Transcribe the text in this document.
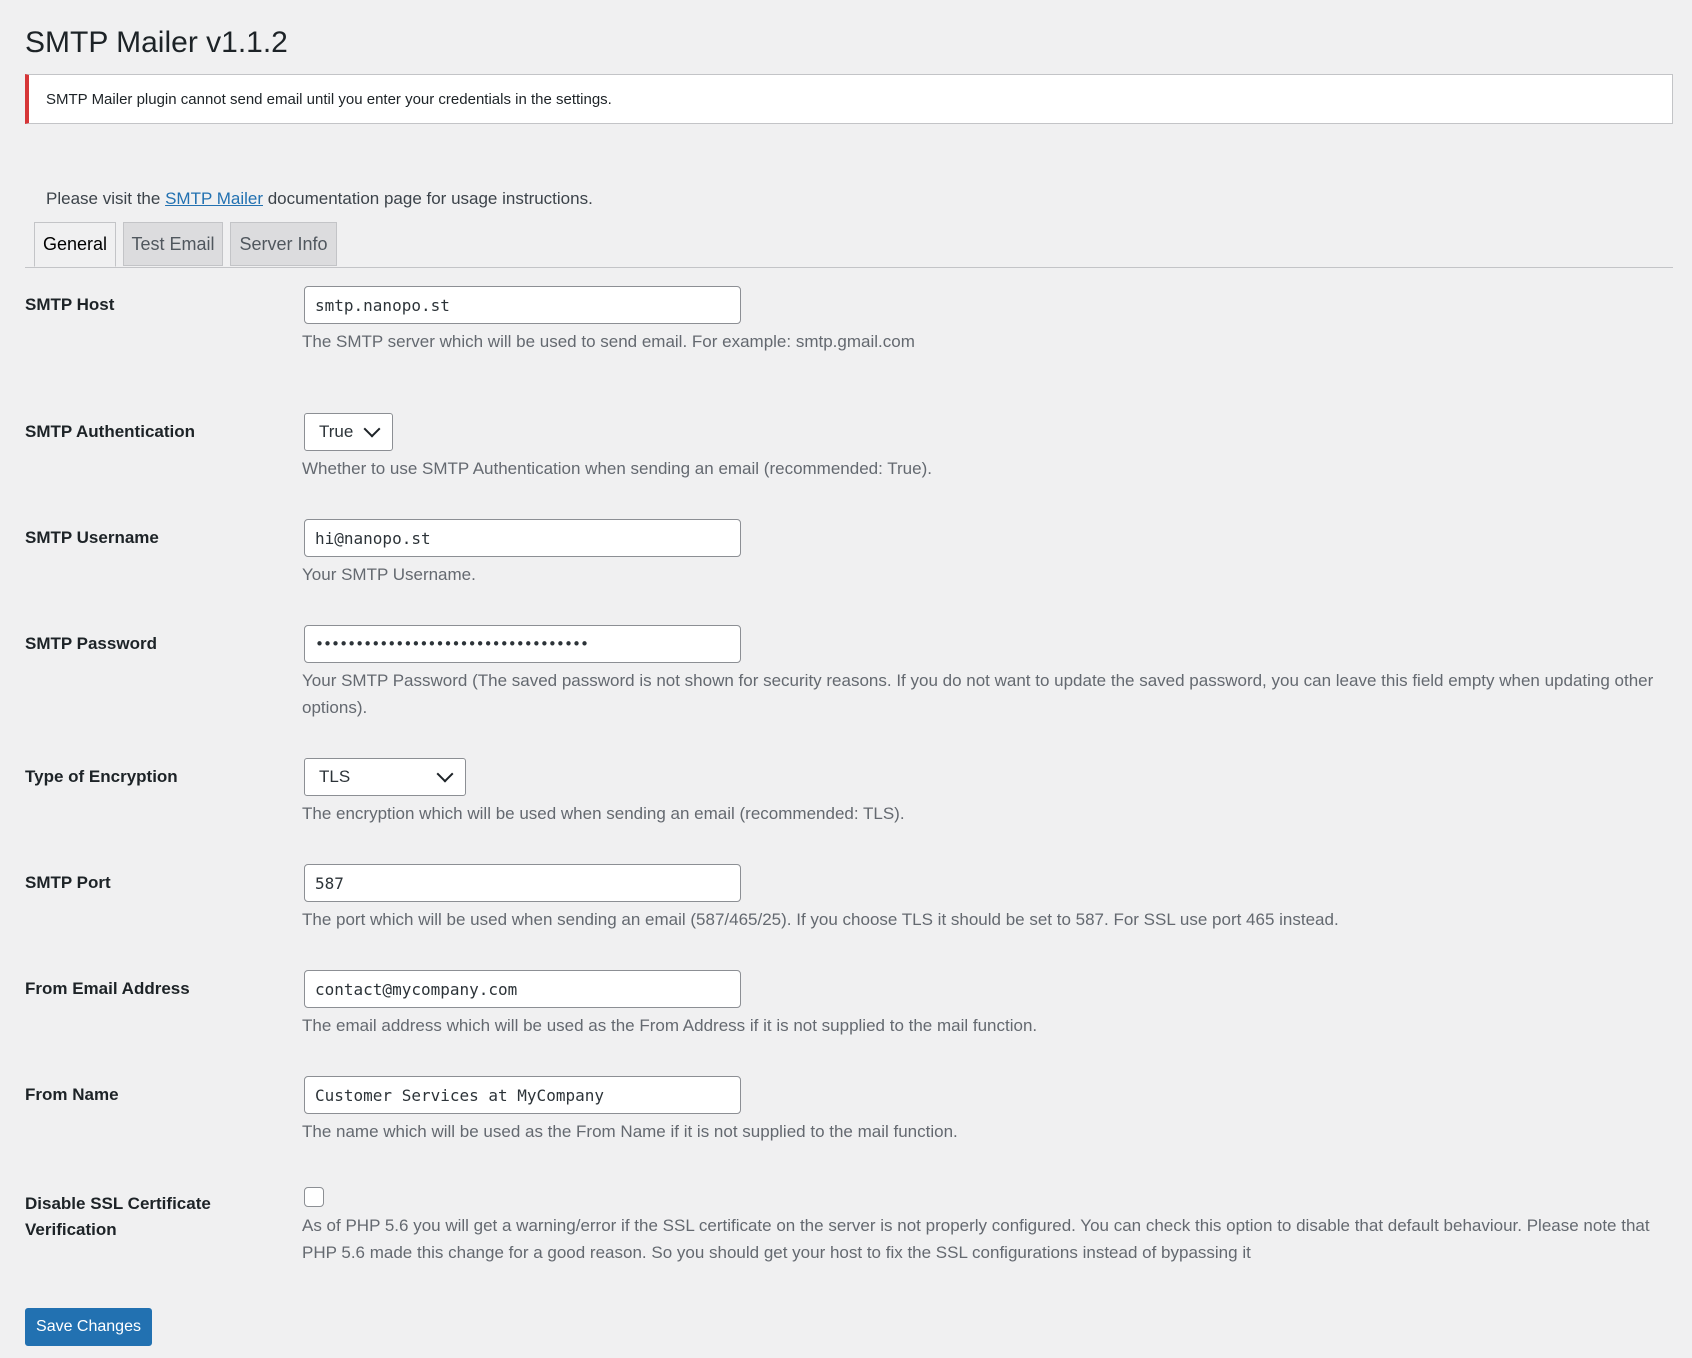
SMTP Mailer v1.1.2
SMTP Mailer plugin cannot send email until you enter your credentials in the settings.
Please visit the SMTP Mailer documentation page for usage instructions.
General	Test Email	Server Info
SMTP Host	smtp.nanopo.st
The SMTP server which will be used to send email. For example: smtp.gmail.com
SMTP Authentication	True
Whether to use SMTP Authentication when sending an email (recommended: True).
SMTP Username	hi@nanopo.st
Your SMTP Username.
SMTP Password	••••••••••••••••••••••••••••••••••
Your SMTP Password (The saved password is not shown for security reasons. If you do not want to update the saved password, you can leave this field empty when updating other options).
Type of Encryption	TLS
The encryption which will be used when sending an email (recommended: TLS).
SMTP Port	587
The port which will be used when sending an email (587/465/25). If you choose TLS it should be set to 587. For SSL use port 465 instead.
From Email Address	contact@mycompany.com
The email address which will be used as the From Address if it is not supplied to the mail function.
From Name	Customer Services at MyCompany
The name which will be used as the From Name if it is not supplied to the mail function.
Disable SSL Certificate
Verification	As of PHP 5.6 you will get a warning/error if the SSL certificate on the server is not properly configured. You can check this option to disable that default behaviour. Please note that PHP 5.6 made this change for a good reason. So you should get your host to fix the SSL configurations instead of bypassing it
Save Changes
